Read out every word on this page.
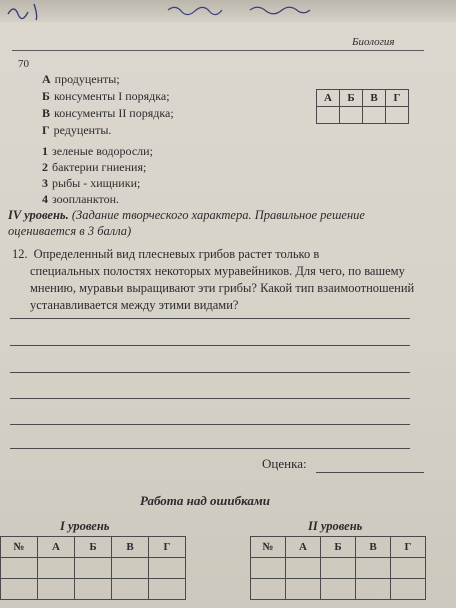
Биология
70
А продуценты;
Б консументы I порядка;
В консументы II порядка;
Г редуценты.
А	Б	В	Г

1 зеленые водоросли;
2 бактерии гниения;
3 рыбы - хищники;
4 зоопланктон.
IV уровень. (Задание творческого характера. Правильное решение оценивается в 3 балла)
12. Определенный вид плесневых грибов растет только в
специальных полостях некоторых муравейников. Для чего, по вашему мнению, муравьи выращивают эти грибы? Какой тип взаимоотношений устанавливается между этими видами?
Оценка:
Работа над ошибками
I уровень	II уровень
№	А	Б	В	Г

					№	А	Б	В	Г
